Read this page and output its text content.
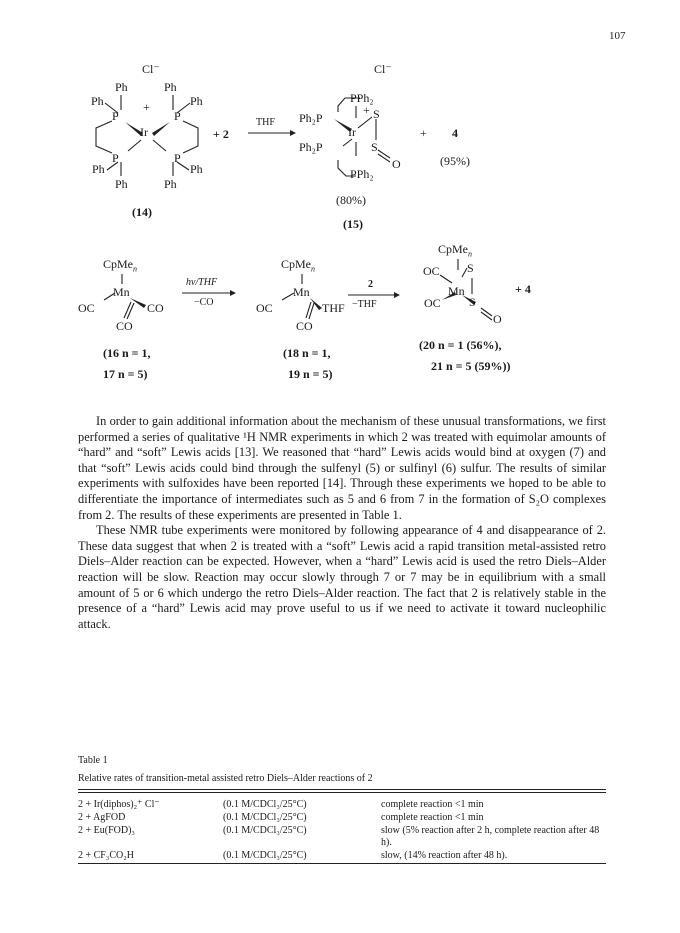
107
Cl⁻
Ph	Ph
Ph	Ph
+
P	P
Ir
P	P
Ph	Ph
Ph	Ph
(14)
+ 2
THF
Cl⁻
PPh₂
+
Ph₂P	S
Ir
Ph₂P	S
O
PPh₂
(80%)
(15)
+ 4
(95%)
CpMe$_n$
Mn
OC	CO
CO
(16 n = 1,
17 n = 5)
hν/THF
−CO
CpMe$_n$
Mn
OC	THF
CO
(18 n = 1,
19 n = 5)
2
−THF
CpMe$_n$
OC S
Mn
OC S
O
+ 4
(20 n = 1 (56%),
21 n = 5 (59%))

In order to gain additional information about the mechanism of these unusual transformations, we first performed a series of qualitative ¹H NMR experiments in which 2 was treated with equimolar amounts of “hard” and “soft” Lewis acids [13]. We reasoned that “hard” Lewis acids would bind at oxygen (7) and that “soft” Lewis acids could bind through the sulfenyl (5) or sulfinyl (6) sulfur. The results of similar experiments with sulfoxides have been reported [14]. Through these experiments we hoped to be able to differentiate the importance of intermediates such as 5 and 6 from 7 in the formation of S₂O complexes from 2. The results of these experiments are presented in Table 1.

These NMR tube experiments were monitored by following appearance of 4 and disappearance of 2. These data suggest that when 2 is treated with a “soft” Lewis acid a rapid transition metal-assisted retro Diels–Alder reaction can be expected. However, when a “hard” Lewis acid is used the retro Diels–Alder reaction will be slow. Reaction may occur slowly through 7 or 7 may be in equilibrium with a small amount of 5 or 6 which undergo the retro Diels–Alder reaction. The fact that 2 is relatively stable in the presence of a “hard” Lewis acid may prove useful to us if we need to activate it toward nucleophilic attack.

Table 1
Relative rates of transition-metal assisted retro Diels–Alder reactions of 2
2 + Ir(diphos)₂⁺ Cl⁻	(0.1 M/CDCl₃/25°C)	complete reaction <1 min
2 + AgFOD	(0.1 M/CDCl₃/25°C)	complete reaction <1 min
2 + Eu(FOD)₃	(0.1 M/CDCl₃/25°C)	slow (5% reaction after 2 h, complete reaction after 48 h).
2 + CF₃CO₂H	(0.1 M/CDCl₃/25°C)	slow, (14% reaction after 48 h).
